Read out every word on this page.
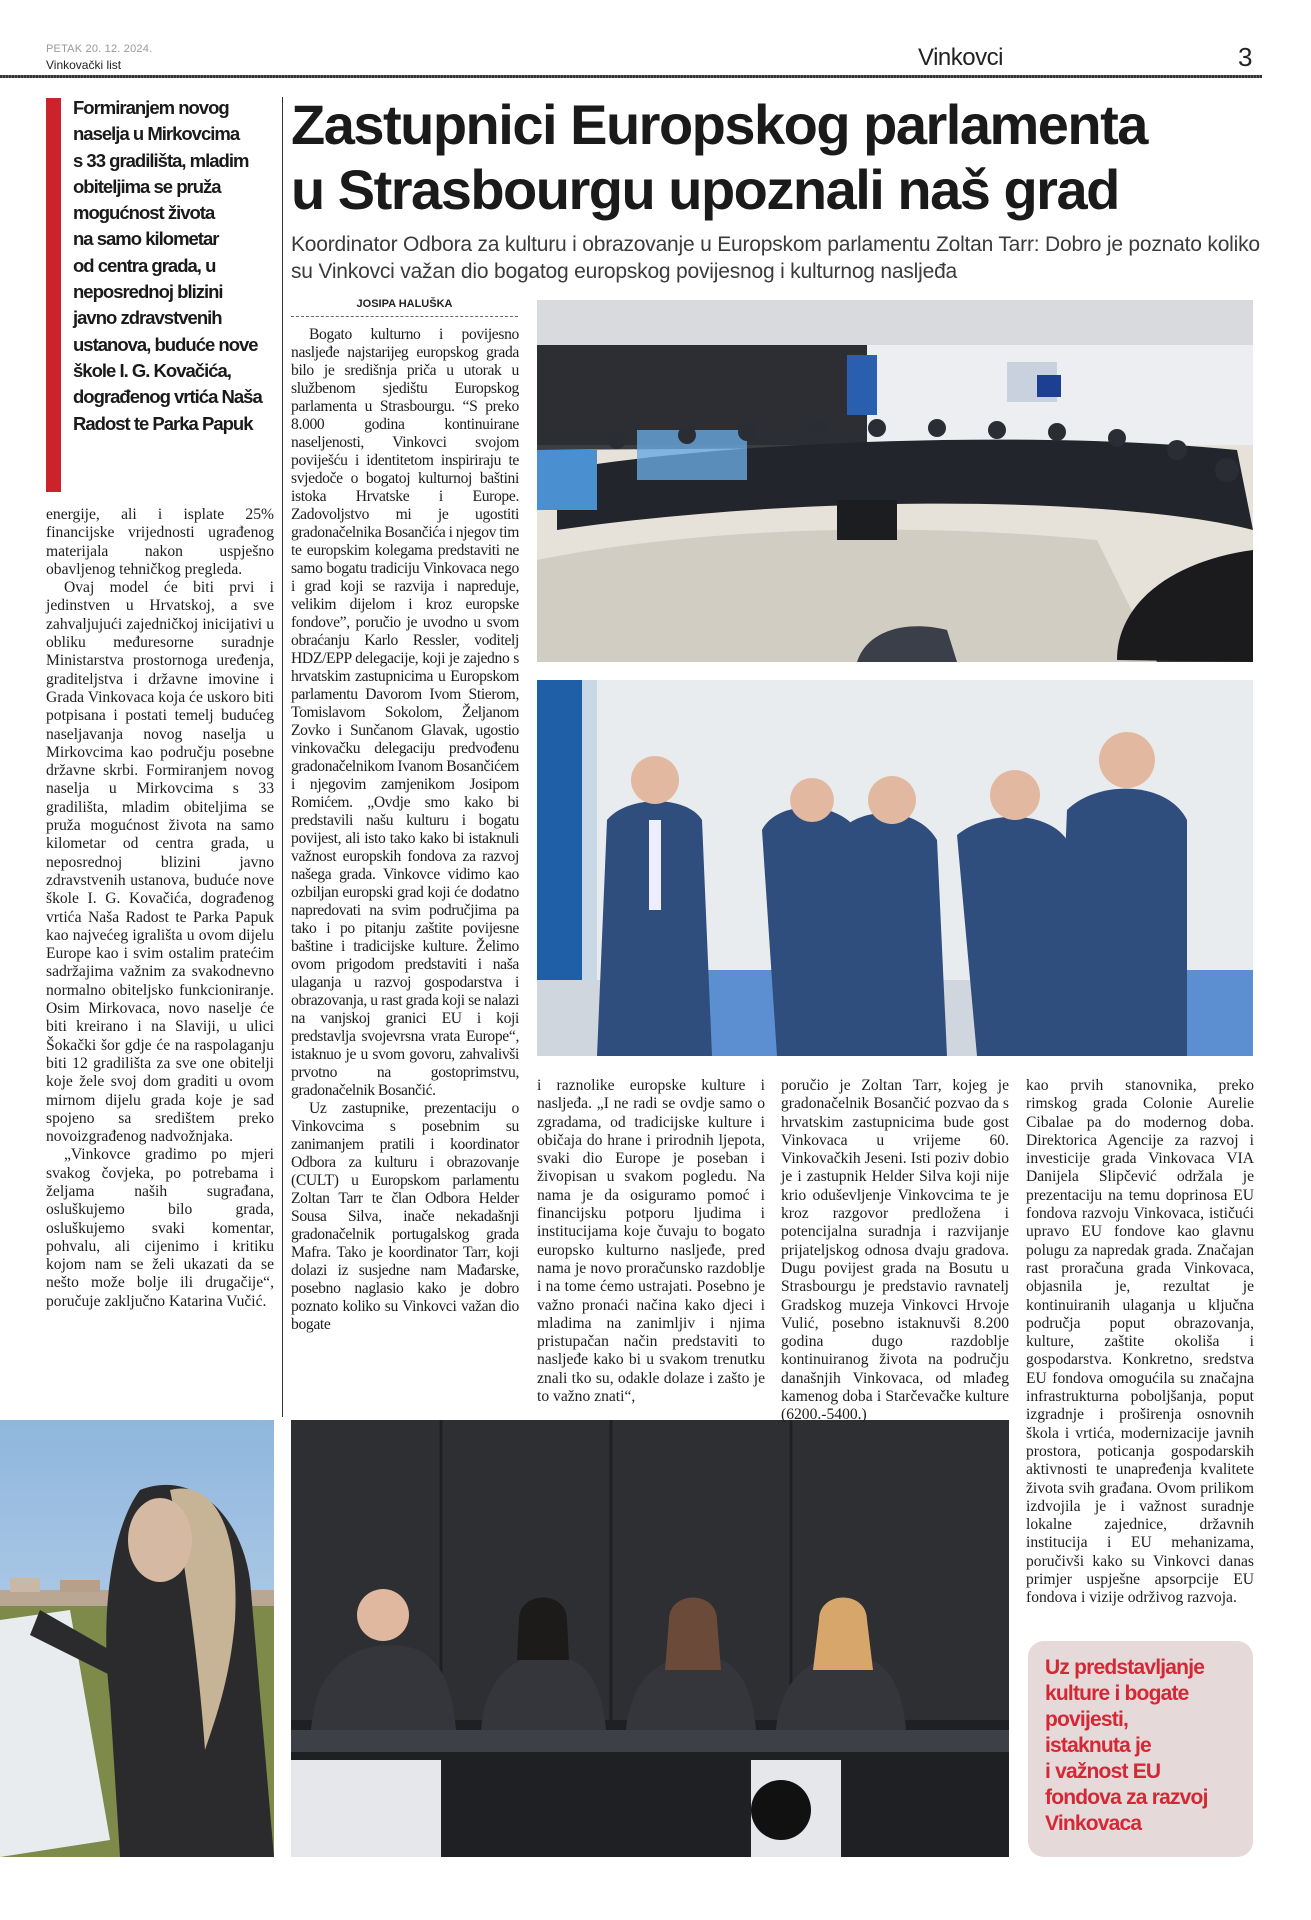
PETAK 20. 12. 2024.
Vinkovački list	Vinkovci	3
Formiranjem novog
naselja u Mirkovcima
s 33 gradilišta, mladim
obiteljima se pruža
mogućnost života
na samo kilometar
od centra grada, u
neposrednoj blizini
javno zdravstvenih
ustanova, buduće nove
škole I. G. Kovačića,
dograđenog vrtića Naša
Radost te Parka Papuk

energije, ali i isplate 25% financijske vrijednosti ugrađenog materijala nakon uspješno obavljenog tehničkog pregleda.

Ovaj model će biti prvi i jedinstven u Hrvatskoj, a sve zahvaljujući zajedničkoj inicijativi u obliku međuresorne suradnje Ministarstva prostornoga uređenja, graditeljstva i državne imovine i Grada Vinkovaca koja će uskoro biti potpisana i postati temelj budućeg naseljavanja novog naselja u Mirkovcima kao području posebne državne skrbi. Formiranjem novog naselja u Mirkovcima s 33 gradilišta, mladim obiteljima se pruža mogućnost života na samo kilometar od centra grada, u neposrednoj blizini javno zdravstvenih ustanova, buduće nove škole I. G. Kovačića, dograđenog vrtića Naša Radost te Parka Papuk kao najvećeg igrališta u ovom dijelu Europe kao i svim ostalim pratećim sadržajima važnim za svakodnevno normalno obiteljsko funkcioniranje. Osim Mirkovaca, novo naselje će biti kreirano i na Slaviji, u ulici Šokački šor gdje će na raspolaganju biti 12 gradilišta za sve one obitelji koje žele svoj dom graditi u ovom mirnom dijelu grada koje je sad spojeno sa središtem preko novoizgrađenog nadvožnjaka.

„Vinkovce gradimo po mjeri svakog čovjeka, po potrebama i željama naših sugrađana, osluškujemo bilo grada, osluškujemo svaki komentar, pohvalu, ali cijenimo i kritiku kojom nam se želi ukazati da se nešto može bolje ili drugačije“, poručuje zaključno Katarina Vučić.

Zastupnici Europskog parlamenta
u Strasbourgu upoznali naš grad
Koordinator Odbora za kulturu i obrazovanje u Europskom parlamentu Zoltan Tarr: Dobro je poznato koliko su Vinkovci važan dio bogatog europskog povijesnog i kulturnog nasljeđa
JOSIPA HALUŠKA

Bogato kulturno i povijesno nasljeđe najstarijeg europskog grada bilo je središnja priča u utorak u službenom sjedištu Europskog parlamenta u Strasbourgu. “S preko 8.000 godina kontinuirane naseljenosti, Vinkovci svojom poviješću i identitetom inspiriraju te svjedoče o bogatoj kulturnoj baštini istoka Hrvatske i Europe. Zadovoljstvo mi je ugostiti gradonačelnika Bosančića i njegov tim te europskim kolegama predstaviti ne samo bogatu tradiciju Vinkovaca nego i grad koji se razvija i napreduje, velikim dijelom i kroz europske fondove”, poručio je uvodno u svom obraćanju Karlo Ressler, voditelj HDZ/EPP delegacije, koji je zajedno s hrvatskim zastupnicima u Europskom parlamentu Davorom Ivom Stierom, Tomislavom Sokolom, Željanom Zovko i Sunčanom Glavak, ugostio vinkovačku delegaciju predvođenu gradonačelnikom Ivanom Bosančićem i njegovim zamjenikom Josipom Romićem. „Ovdje smo kako bi predstavili našu kulturu i bogatu povijest, ali isto tako kako bi istaknuli važnost europskih fondova za razvoj našega grada. Vinkovce vidimo kao ozbiljan europski grad koji će dodatno napredovati na svim područjima pa tako i po pitanju zaštite povijesne baštine i tradicijske kulture. Želimo ovom prigodom predstaviti i naša ulaganja u razvoj gospodarstva i obrazovanja, u rast grada koji se nalazi na vanjskoj granici EU i koji predstavlja svojevrsna vrata Europe“, istaknuo je u svom govoru, zahvalivši prvotno na gostoprimstvu, gradonačelnik Bosančić.

Uz zastupnike, prezentaciju o Vinkovcima s posebnim su zanimanjem pratili i koordinator Odbora za kulturu i obrazovanje (CULT) u Europskom parlamentu Zoltan Tarr te član Odbora Helder Sousa Silva, inače nekadašnji gradonačelnik portugalskog grada Mafra. Tako je koordinator Tarr, koji dolazi iz susjedne nam Mađarske, posebno naglasio kako je dobro poznato koliko su Vinkovci važan dio bogate

i raznolike europske kulture i nasljeđa. „I ne radi se ovdje samo o zgradama, od tradicijske kulture i običaja do hrane i prirodnih ljepota, svaki dio Europe je poseban i živopisan u svakom pogledu. Na nama je da osiguramo pomoć i financijsku potporu ljudima i institucijama koje čuvaju to bogato europsko kulturno nasljeđe, pred nama je novo proračunsko razdoblje i na tome ćemo ustrajati. Posebno je važno pronaći načina kako djeci i mladima na zanimljiv i njima pristupačan način predstaviti to nasljeđe kako bi u svakom trenutku znali tko su, odakle dolaze i zašto je to važno znati“,

poručio je Zoltan Tarr, kojeg je gradonačelnik Bosančić pozvao da s hrvatskim zastupnicima bude gost Vinkovaca u vrijeme 60. Vinkovačkih Jeseni. Isti poziv dobio je i zastupnik Helder Silva koji nije krio oduševljenje Vinkovcima te je kroz razgovor predložena i potencijalna suradnja i razvijanje prijateljskog odnosa dvaju gradova. Dugu povijest grada na Bosutu u Strasbourgu je predstavio ravnatelj Gradskog muzeja Vinkovci Hrvoje Vulić, posebno istaknuvši 8.200 godina dugo razdoblje kontinuiranog života na području današnjih Vinkovaca, od mlađeg kamenog doba i Starčevačke kulture (6200.-5400.)

kao prvih stanovnika, preko rimskog grada Colonie Aurelie Cibalae pa do modernog doba. Direktorica Agencije za razvoj i investicije grada Vinkovaca VIA Danijela Slipčević održala je prezentaciju na temu doprinosa EU fondova razvoju Vinkovaca, ističući upravo EU fondove kao glavnu polugu za napredak grada. Značajan rast proračuna grada Vinkovaca, objasnila je, rezultat je kontinuiranih ulaganja u ključna područja poput obrazovanja, kulture, zaštite okoliša i gospodarstva. Konkretno, sredstva EU fondova omogućila su značajna infrastrukturna poboljšanja, poput izgradnje i proširenja osnovnih škola i vrtića, modernizacije javnih prostora, poticanja gospodarskih aktivnosti te unapređenja kvalitete života svih građana. Ovom prilikom izdvojila je i važnost suradnje lokalne zajednice, državnih institucija i EU mehanizama, poručivši kako su Vinkovci danas primjer uspješne apsorpcije EU fondova i vizije održivog razvoja.

Uz predstavljanje
kulture i bogate
povijesti,
istaknuta je
i važnost EU
fondova za razvoj
Vinkovaca
